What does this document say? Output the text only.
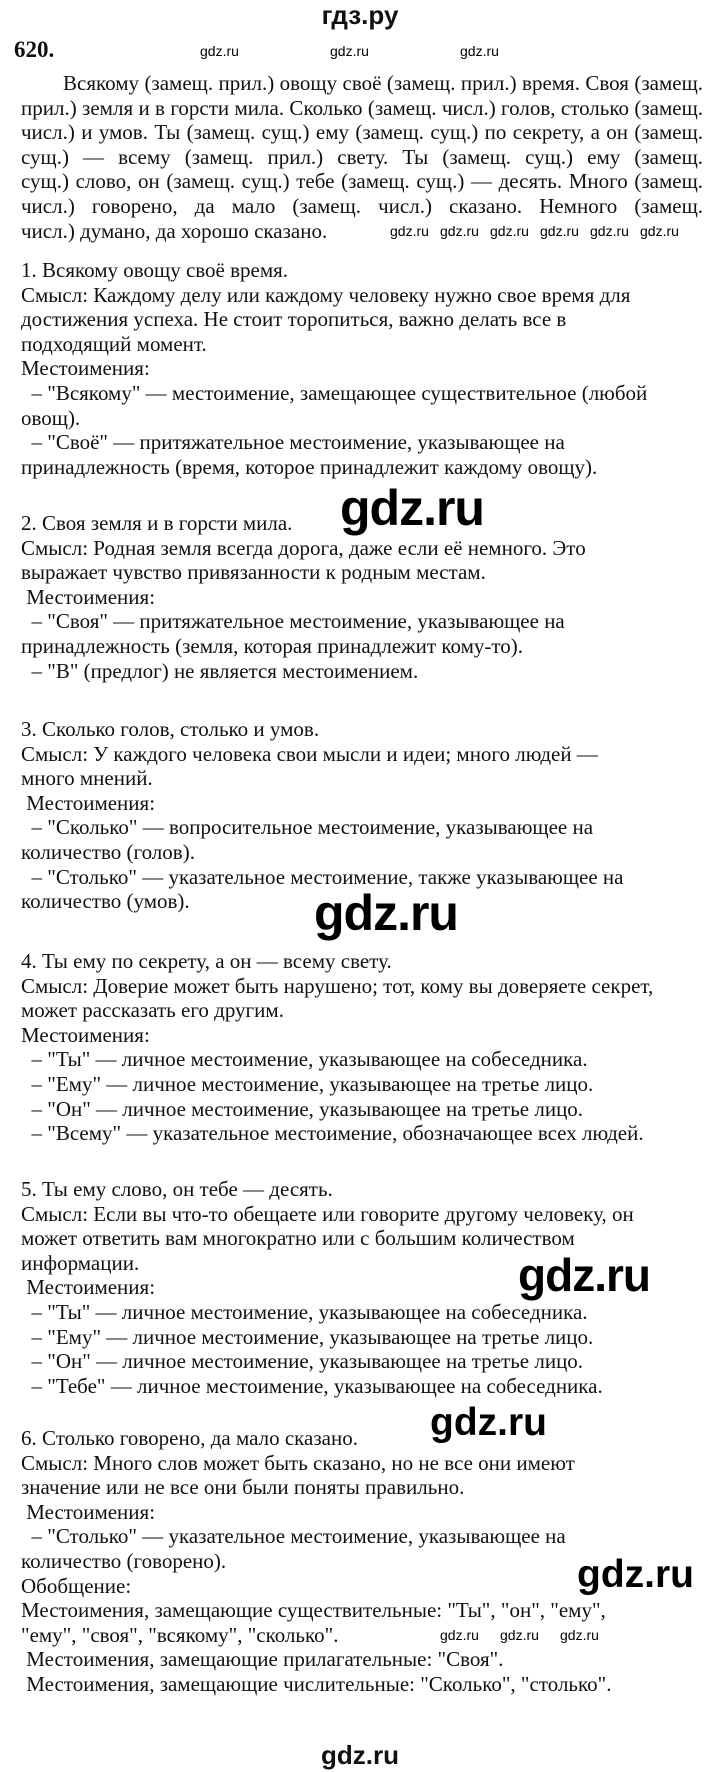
гдз.ру
620.
Всякому (замещ. прил.) овощу своё (замещ. прил.) время. Своя (замещ.
прил.) земля и в горсти мила. Сколько (замещ. числ.) голов, столько (замещ.
числ.) и умов. Ты (замещ. сущ.) ему (замещ. сущ.) по секрету, а он (замещ.
сущ.) — всему (замещ. прил.) свету. Ты (замещ. сущ.) ему (замещ.
сущ.) слово, он (замещ. сущ.) тебе (замещ. сущ.) — десять. Много (замещ.
числ.) говорено, да мало (замещ. числ.) сказано. Немного (замещ.
числ.) думано, да хорошо сказано.
1. Всякому овощу своё время.
Смысл: Каждому делу или каждому человеку нужно свое время для
достижения успеха. Не стоит торопиться, важно делать все в
подходящий момент.
Местоимения:
– "Всякому" — местоимение, замещающее существительное (любой
овощ).
– "Своё" — притяжательное местоимение, указывающее на
принадлежность (время, которое принадлежит каждому овощу).
2. Своя земля и в горсти мила.
Смысл: Родная земля всегда дорога, даже если её немного. Это
выражает чувство привязанности к родным местам.
Местоимения:
– "Своя" — притяжательное местоимение, указывающее на
принадлежность (земля, которая принадлежит кому-то).
– "В" (предлог) не является местоимением.
3. Сколько голов, столько и умов.
Смысл: У каждого человека свои мысли и идеи; много людей —
много мнений.
Местоимения:
– "Сколько" — вопросительное местоимение, указывающее на
количество (голов).
– "Столько" — указательное местоимение, также указывающее на
количество (умов).
4. Ты ему по секрету, а он — всему свету.
Смысл: Доверие может быть нарушено; тот, кому вы доверяете секрет,
может рассказать его другим.
Местоимения:
– "Ты" — личное местоимение, указывающее на собеседника.
– "Ему" — личное местоимение, указывающее на третье лицо.
– "Он" — личное местоимение, указывающее на третье лицо.
– "Всему" — указательное местоимение, обозначающее всех людей.
5. Ты ему слово, он тебе — десять.
Смысл: Если вы что-то обещаете или говорите другому человеку, он
может ответить вам многократно или с большим количеством
информации.
Местоимения:
– "Ты" — личное местоимение, указывающее на собеседника.
– "Ему" — личное местоимение, указывающее на третье лицо.
– "Он" — личное местоимение, указывающее на третье лицо.
– "Тебе" — личное местоимение, указывающее на собеседника.
6. Столько говорено, да мало сказано.
Смысл: Много слов может быть сказано, но не все они имеют
значение или не все они были поняты правильно.
Местоимения:
– "Столько" — указательное местоимение, указывающее на
количество (говорено).
Обобщение:
Местоимения, замещающие существительные: "Ты", "он", "ему",
"ему", "своя", "всякому", "сколько".
Местоимения, замещающие прилагательные: "Своя".
Местоимения, замещающие числительные: "Сколько", "столько".
gdz.ru	gdz.ru	gdz.ru
gdz.ru gdz.ru gdz.ru gdz.ru gdz.ru gdz.ru
gdz.ru
gdz.ru
gdz.ru
gdz.ru
gdz.ru
gdz.ru gdz.ru gdz.ru
gdz.ru
